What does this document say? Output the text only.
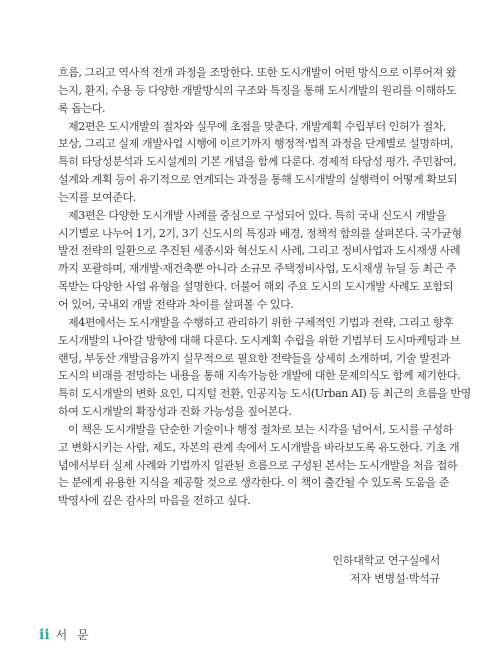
흐름, 그리고 역사적 전개 과정을 조망한다. 또한 도시개발이 어떤 방식으로 이루어져 왔
는지, 환지, 수용 등 다양한 개발방식의 구조와 특징을 통해 도시개발의 원리를 이해하도
록 돕는다.
제2편은 도시개발의 절차와 실무에 초점을 맞춘다. 개발계획 수립부터 인허가 절차,
보상, 그리고 실제 개발사업 시행에 이르기까지 행정적·법적 과정을 단계별로 설명하며,
특히 타당성분석과 도시설계의 기본 개념을 함께 다룬다. 경제적 타당성 평가, 주민참여,
설계와 계획 등이 유기적으로 연계되는 과정을 통해 도시개발의 실행력이 어떻게 확보되
는지를 보여준다.
제3편은 다양한 도시개발 사례를 중심으로 구성되어 있다. 특히 국내 신도시 개발을
시기별로 나누어 1기, 2기, 3기 신도시의 특징과 배경, 정책적 함의를 살펴본다. 국가균형
발전 전략의 일환으로 추진된 세종시와 혁신도시 사례, 그리고 정비사업과 도시재생 사례
까지 포괄하며, 재개발·재건축뿐 아니라 소규모 주택정비사업, 도시재생 뉴딜 등 최근 주
목받는 다양한 사업 유형을 설명한다. 더불어 해외 주요 도시의 도시개발 사례도 포함되
어 있어, 국내외 개발 전략과 차이를 살펴볼 수 있다.
제4편에서는 도시개발을 수행하고 관리하기 위한 구체적인 기법과 전략, 그리고 향후
도시개발의 나아갈 방향에 대해 다룬다. 도시계획 수립을 위한 기법부터 도시마케팅과 브
랜딩, 부동산 개발금융까지 실무적으로 필요한 전략들을 상세히 소개하며, 기술 발전과
도시의 비래를 전망하는 내용을 통해 지속가능한 개발에 대한 문제의식도 함께 제기한다.
특히 도시개발의 변화 요인, 디지털 전환, 인공지능 도시(Urban AI) 등 최근의 흐름을 반영
하여 도시개발의 확장성과 진화 가능성을 짚어본다.
이 책은 도시개발을 단순한 기술이나 행정 절차로 보는 시각을 넘어서, 도시를 구성하
고 변화시키는 사람, 제도, 자본의 관계 속에서 도시개발을 바라보도록 유도한다. 기초 개
념에서부터 실제 사례와 기법까지 일관된 흐름으로 구성된 본서는 도시개발을 처음 접하
는 분에게 유용한 지식을 제공할 것으로 생각한다. 이 책이 출간될 수 있도록 도움을 준
박영사에 깊은 감사의 마음을 전하고 싶다.
인하대학교 연구실에서
저자 변병설·박석규
ii 서 문
